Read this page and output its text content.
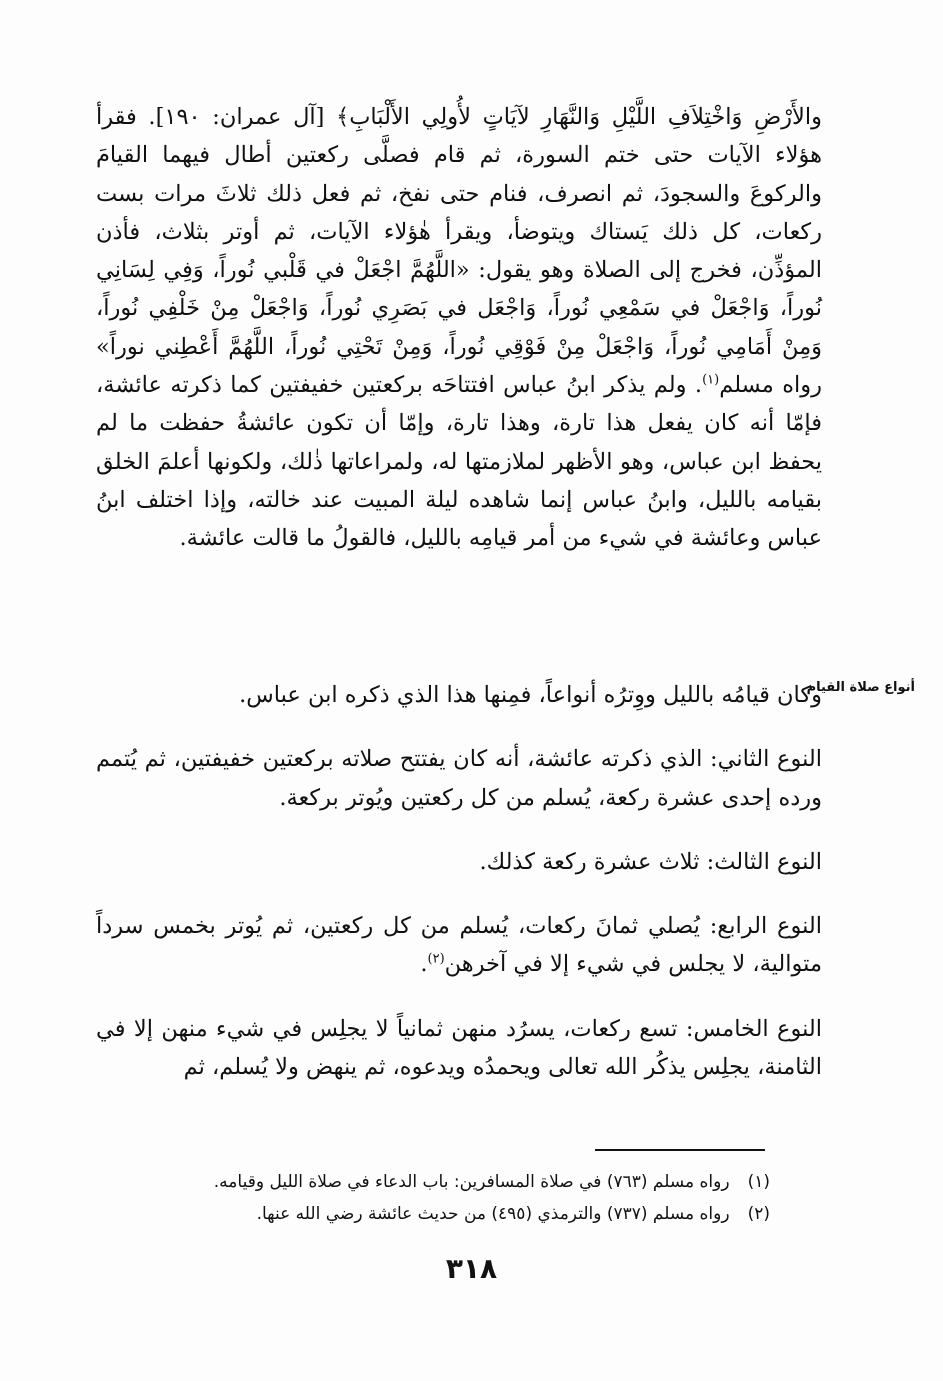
والأَرْضِ وَاخْتِلاَفِ اللَّيْلِ وَالنَّهَارِ لآيَاتٍ لأُولِي الأَلْبَابِ﴾ [آل عمران: ١٩٠]. فقرأ هؤلاء الآيات حتى ختم السورة، ثم قام فصلَّى ركعتين أطال فيهما القيامَ والركوعَ والسجودَ، ثم انصرف، فنام حتى نفخ، ثم فعل ذلك ثلاثَ مرات بست ركعات، كل ذلك يَستاك ويتوضأ، ويقرأ هٰؤلاء الآيات، ثم أوتر بثلاث، فأذن المؤذِّن، فخرج إلى الصلاة وهو يقول: «اللَّهُمَّ اجْعَلْ في قَلْبي نُوراً، وَفِي لِسَانِي نُوراً، وَاجْعَلْ في سَمْعِي نُوراً، وَاجْعَل في بَصَرِي نُوراً، وَاجْعَلْ مِنْ خَلْفِي نُوراً، وَمِنْ أَمَامِي نُوراً، وَاجْعَلْ مِنْ فَوْقِي نُوراً، وَمِنْ تَحْتِي نُوراً، اللَّهُمَّ أَعْطِني نوراً» رواه مسلم$^{(١)}$. ولم يذكر ابنُ عباس افتتاحَه بركعتين خفيفتين كما ذكرته عائشة، فإمّا أنه كان يفعل هذا تارة، وهذا تارة، وإمّا أن تكون عائشةُ حفظت ما لم يحفظ ابن عباس، وهو الأظهر لملازمتها له، ولمراعاتها ذٰلك، ولكونها أعلمَ الخلق بقيامه بالليل، وابنُ عباس إنما شاهده ليلة المبيت عند خالته، وإذا اختلف ابنُ عباس وعائشة في شيء من أمر قيامِه بالليل، فالقولُ ما قالت عائشة.

أنواع صلاة القيام

وكان قيامُه بالليل ووِترُه أنواعاً، فمِنها هذا الذي ذكره ابن عباس.

النوع الثاني: الذي ذكرته عائشة، أنه كان يفتتح صلاته بركعتين خفيفتين، ثم يُتمم ورده إحدى عشرة ركعة، يُسلم من كل ركعتين ويُوتر بركعة.

النوع الثالث: ثلاث عشرة ركعة كذلك.

النوع الرابع: يُصلي ثمانَ ركعات، يُسلم من كل ركعتين، ثم يُوتر بخمس سرداً متوالية، لا يجلس في شيء إلا في آخرهن$^{(٢)}$.

النوع الخامس: تسع ركعات، يسرُد منهن ثمانياً لا يجلِس في شيء منهن إلا في الثامنة، يجلِس يذكُر الله تعالى ويحمدُه ويدعوه، ثم ينهض ولا يُسلم، ثم

(١)
رواه مسلم (٧٦٣) في صلاة المسافرين: باب الدعاء في صلاة الليل وقيامه.
(٢)
رواه مسلم (٧٣٧) والترمذي (٤٩٥) من حديث عائشة رضي الله عنها.
٣١٨
